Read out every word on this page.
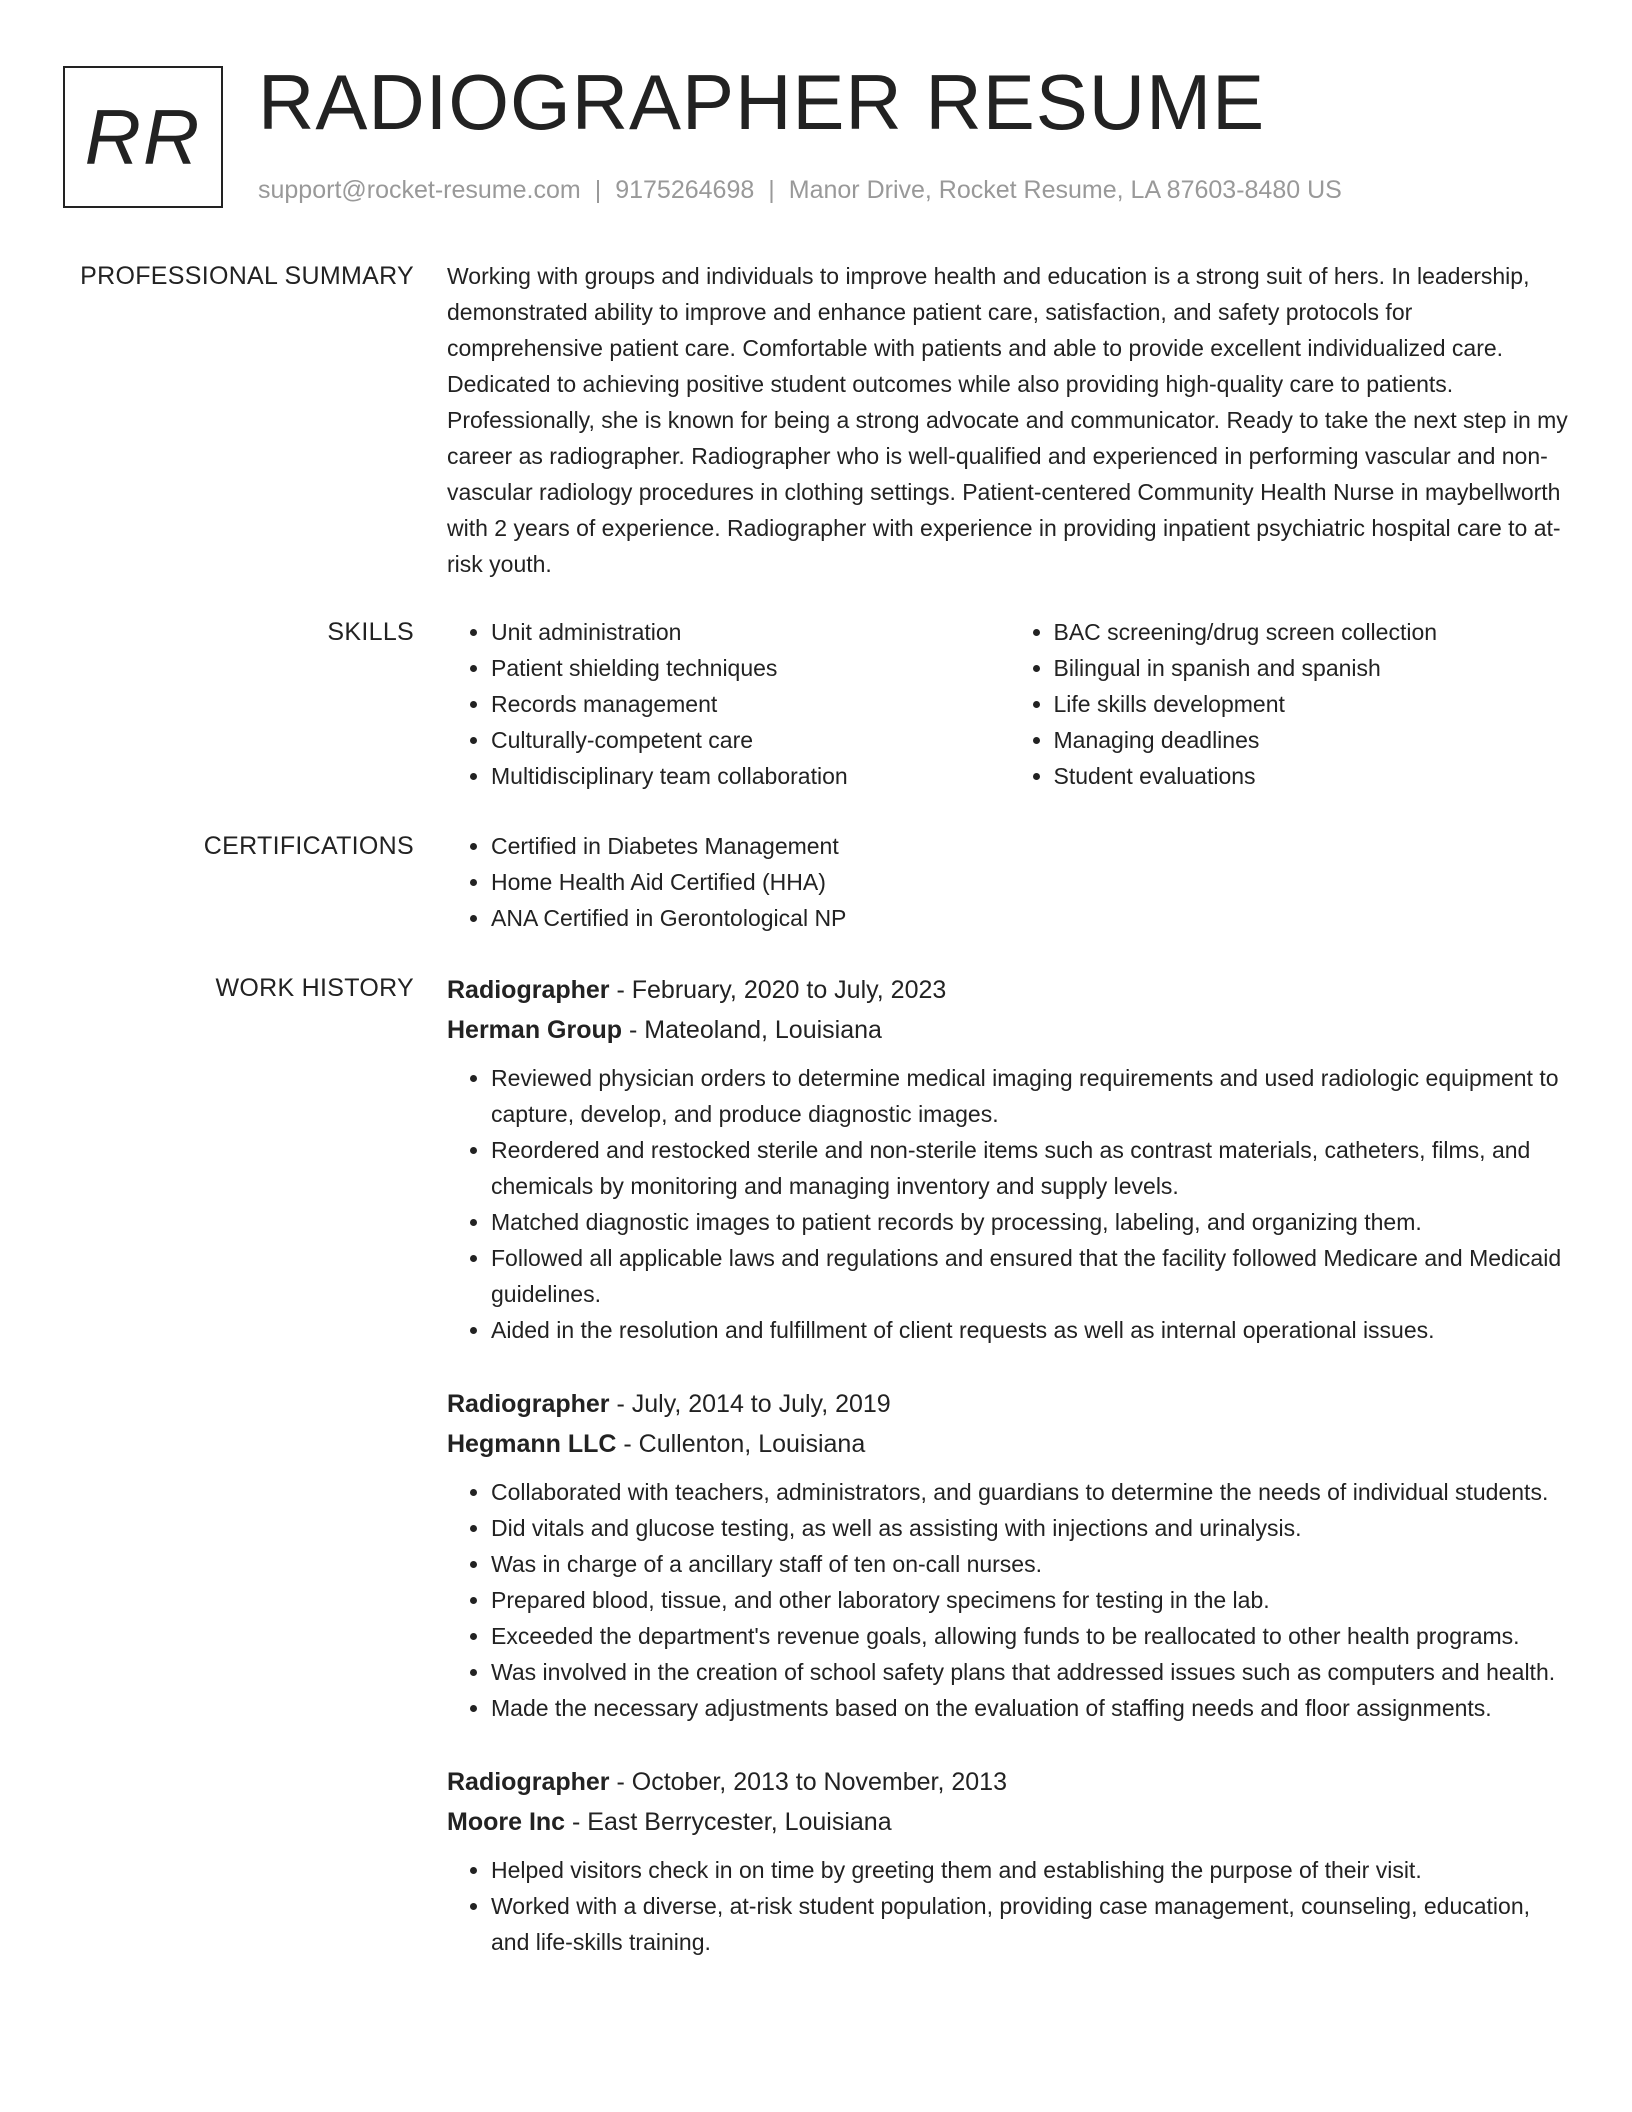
RR RADIOGRAPHER RESUME
support@rocket-resume.com | 9175264698 | Manor Drive, Rocket Resume, LA 87603-8480 US
PROFESSIONAL SUMMARY Working with groups and individuals to improve health and education is a strong suit of hers. In leadership, demonstrated ability to improve and enhance patient care, satisfaction, and safety protocols for comprehensive patient care. Comfortable with patients and able to provide excellent individualized care. Dedicated to achieving positive student outcomes while also providing high-quality care to patients. Professionally, she is known for being a strong advocate and communicator. Ready to take the next step in my career as radiographer. Radiographer who is well-qualified and experienced in performing vascular and non-vascular radiology procedures in clothing settings. Patient-centered Community Health Nurse in maybellworth with 2 years of experience. Radiographer with experience in providing inpatient psychiatric hospital care to at-risk youth.

SKILLS	• Unit administration
• Patient shielding techniques
• Records management
• Culturally-competent care
• Multidisciplinary team collaboration
• BAC screening/drug screen collection
• Bilingual in spanish and spanish
• Life skills development
• Managing deadlines
• Student evaluations
CERTIFICATIONS	• Certified in Diabetes Management
• Home Health Aid Certified (HHA)
• ANA Certified in Gerontological NP
WORK HISTORY Radiographer - February, 2020 to July, 2023
Herman Group - Mateoland, Louisiana
• Reviewed physician orders to determine medical imaging requirements and used radiologic equipment to capture, develop, and produce diagnostic images.
• Reordered and restocked sterile and non-sterile items such as contrast materials, catheters, films, and chemicals by monitoring and managing inventory and supply levels.
• Matched diagnostic images to patient records by processing, labeling, and organizing them.
• Followed all applicable laws and regulations and ensured that the facility followed Medicare and Medicaid guidelines.
• Aided in the resolution and fulfillment of client requests as well as internal operational issues.
Radiographer - July, 2014 to July, 2019
Hegmann LLC - Cullenton, Louisiana
• Collaborated with teachers, administrators, and guardians to determine the needs of individual students.
• Did vitals and glucose testing, as well as assisting with injections and urinalysis.
• Was in charge of a ancillary staff of ten on-call nurses.
• Prepared blood, tissue, and other laboratory specimens for testing in the lab.
• Exceeded the department's revenue goals, allowing funds to be reallocated to other health programs.
• Was involved in the creation of school safety plans that addressed issues such as computers and health.
• Made the necessary adjustments based on the evaluation of staffing needs and floor assignments.
Radiographer - October, 2013 to November, 2013
Moore Inc - East Berrycester, Louisiana
• Helped visitors check in on time by greeting them and establishing the purpose of their visit.
• Worked with a diverse, at-risk student population, providing case management, counseling, education, and life-skills training.
